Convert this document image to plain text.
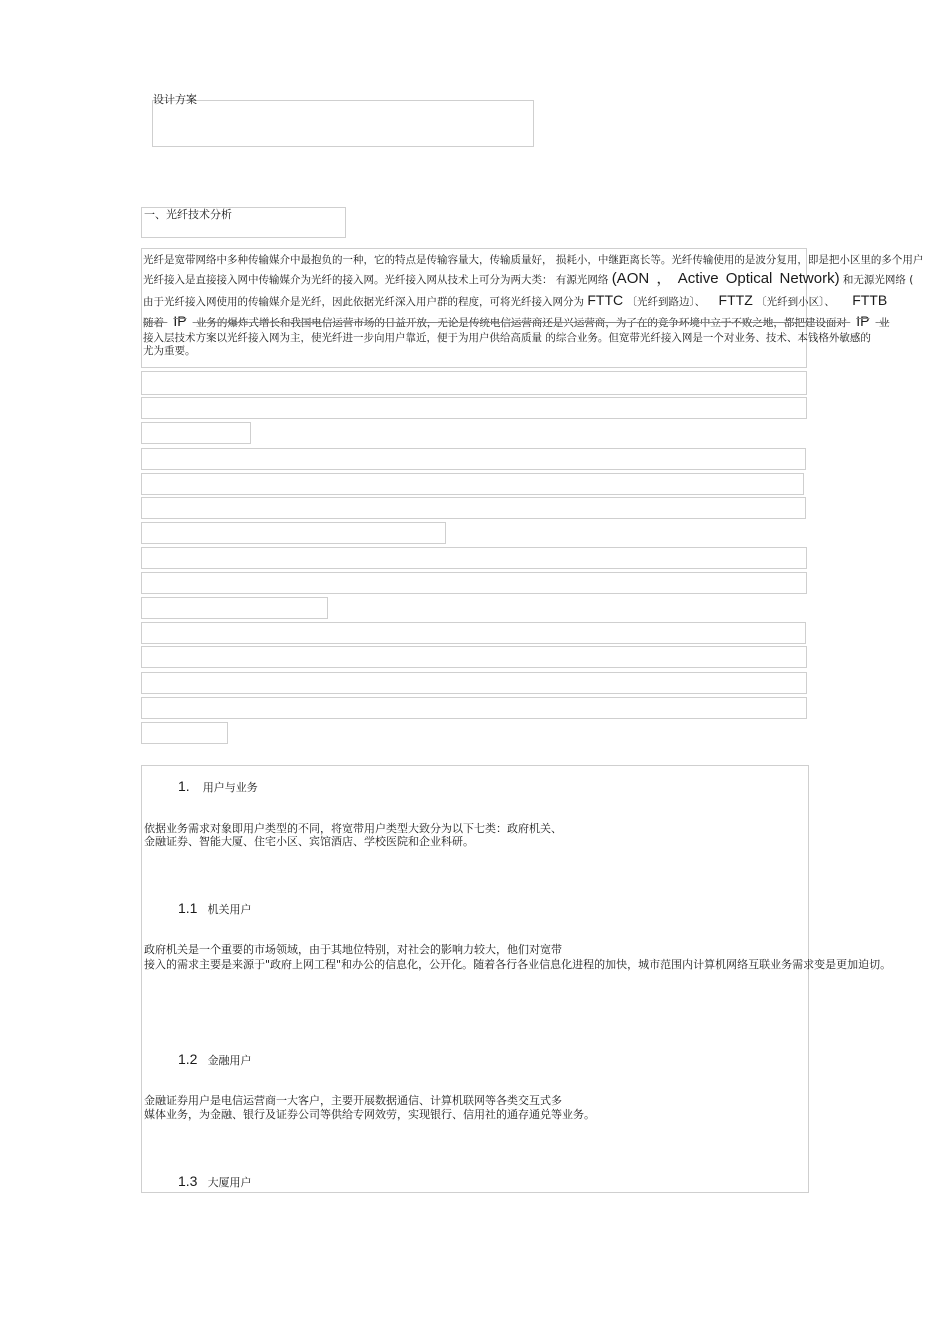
设计方案
一、光纤技术分析
光纤是宽带网络中多种传输媒介中最抱负的一种，它的特点是传输容量大，传输质量好， 损耗小，中继距离长等。光纤传输使用的是波分复用，即是把小区里的多个用户
光纤接入是直接接入网中传输媒介为光纤的接入网。光纤接入网从技术上可分为两大类： 有源光网络 (AON ， Active Optical Network) 和无源光网络 (
由于光纤接入网使用的传输媒介是光纤，因此依据光纤深入用户群的程度，可将光纤接入网分为 FTTC 〔光纤到路边〕、 FTTZ 〔光纤到小区〕、 FTTB
随着 IP 业务的爆炸式增长和我国电信运营市场的日益开放，无论是传统电信运营商还是兴运营商，为了在的竞争环境中立于不败之地，都把建设面对 IP 业
接入层技术方案以光纤接入网为主，使光纤进一步向用户靠近，便于为用户供给高质量 的综合业务。但宽带光纤接入网是一个对业务、技术、本钱格外敏感的
尤为重要。
1. 用户与业务
依据业务需求对象即用户类型的不同，将宽带用户类型大致分为以下七类：政府机关、
金融证券、智能大厦、住宅小区、宾馆酒店、学校医院和企业科研。
1.1 机关用户
政府机关是一个重要的市场领域，由于其地位特别，对社会的影响力较大，他们对宽带
接入的需求主要是来源于"政府上网工程"和办公的信息化，公开化。随着各行各业信息化进程的加快，城市范围内计算机网络互联业务需求变是更加迫切。
1.2 金融用户
金融证券用户是电信运营商一大客户，主要开展数据通信、计算机联网等各类交互式多
媒体业务，为金融、银行及证券公司等供给专网效劳，实现银行、信用社的通存通兑等业务。
1.3 大厦用户
